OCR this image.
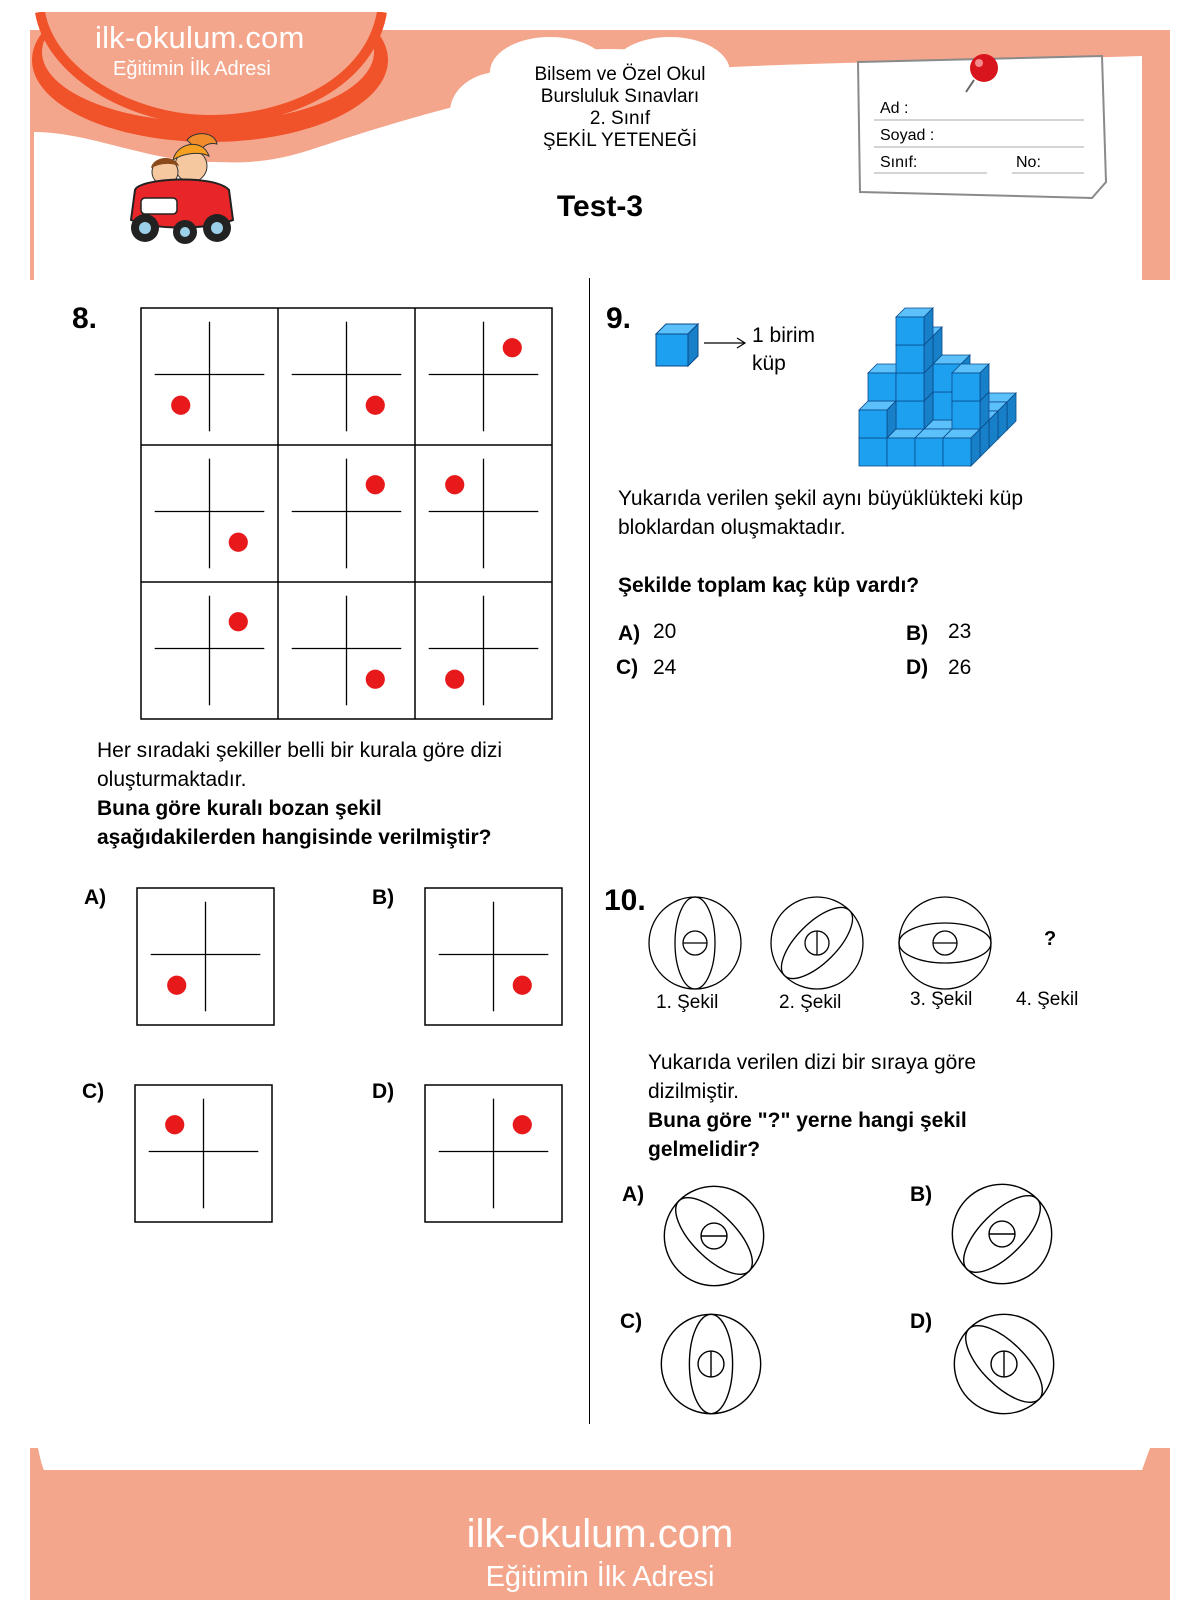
ilk-okulum.com
Eğitimin İlk Adresi	Bilsem ve Özel Okul
Bursluluk Sınavları
2. Sınıf
ŞEKİL YETENEĞİ
Test-3
Ad :
Soyad :
Sınıf:	No:
8.
Her sıradaki şekiller belli bir kurala göre dizi
oluşturmaktadır.
Buna göre kuralı bozan şekil
aşağıdakilerden hangisinde verilmiştir?
A)	B)
C)	D)
9.
1 birim
küp
Yukarıda verilen şekil aynı büyüklükteki küp
bloklardan oluşmaktadır.
Şekilde toplam kaç küp vardı?
A) 20	B) 23
C) 24	D) 26
10.
?
1. Şekil	2. Şekil	3. Şekil 4. Şekil
Yukarıda verilen dizi bir sıraya göre
dizilmiştir.
Buna göre "?" yerne hangi şekil
gelmelidir?
A)	B)
C)	D)
ilk-okulum.com
Eğitimin İlk Adresi
